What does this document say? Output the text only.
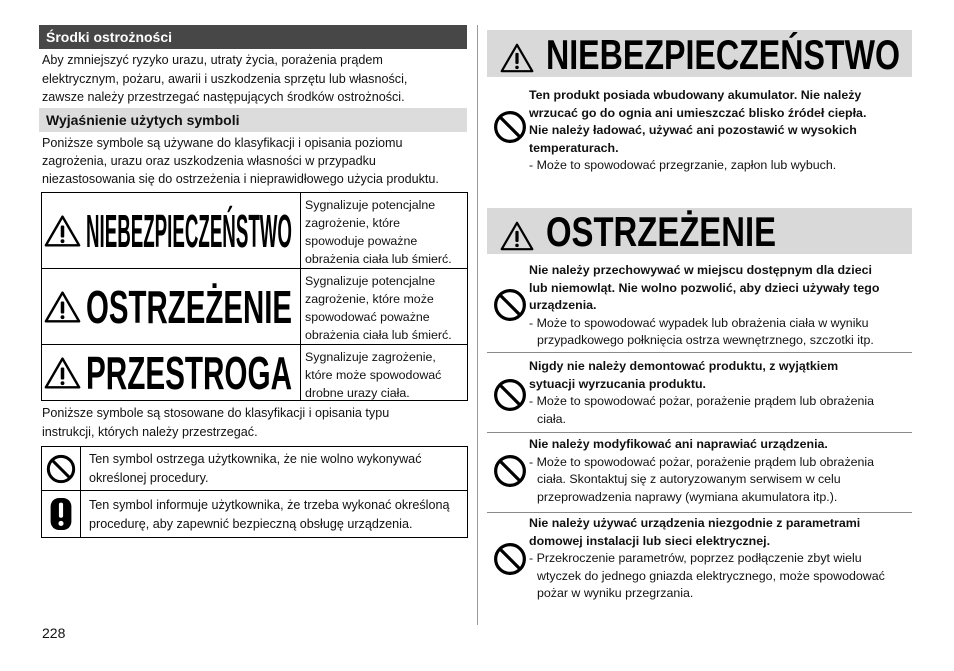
Środki ostrożności
Aby zmniejszyć ryzyko urazu, utraty życia, porażenia prądem
elektrycznym, pożaru, awarii i uszkodzenia sprzętu lub własności,
zawsze należy przestrzegać następujących środków ostrożności.
Wyjaśnienie użytych symboli
Poniższe symbole są używane do klasyfikacji i opisania poziomu
zagrożenia, urazu oraz uszkodzenia własności w przypadku
niezastosowania się do ostrzeżenia i nieprawidłowego użycia produktu.
NIEBEZPIECZEŃSTWO	Sygnalizuje potencjalne
zagrożenie, które
spowoduje poważne
obrażenia ciała lub śmierć.
OSTRZEŻENIE	Sygnalizuje potencjalne
zagrożenie, które może
spowodować poważne
obrażenia ciała lub śmierć.
PRZESTROGA	Sygnalizuje zagrożenie,
które może spowodować
drobne urazy ciała.
Poniższe symbole są stosowane do klasyfikacji i opisania typu
instrukcji, których należy przestrzegać.
Ten symbol ostrzega użytkownika, że nie wolno wykonywać
określonej procedury.
Ten symbol informuje użytkownika, że trzeba wykonać określoną
procedurę, aby zapewnić bezpieczną obsługę urządzenia.
228
NIEBEZPIECZEŃSTWO
Ten produkt posiada wbudowany akumulator. Nie należy
wrzucać go do ognia ani umieszczać blisko źródeł ciepła.
Nie należy ładować, używać ani pozostawić w wysokich
temperaturach.
- Może to spowodować przegrzanie, zapłon lub wybuch.
OSTRZEŻENIE
Nie należy przechowywać w miejscu dostępnym dla dzieci
lub niemowląt. Nie wolno pozwolić, aby dzieci używały tego
urządzenia.
- Może to spowodować wypadek lub obrażenia ciała w wyniku
przypadkowego połknięcia ostrza wewnętrznego, szczotki itp.
Nigdy nie należy demontować produktu, z wyjątkiem
sytuacji wyrzucania produktu.
- Może to spowodować pożar, porażenie prądem lub obrażenia
ciała.
Nie należy modyfikować ani naprawiać urządzenia.
- Może to spowodować pożar, porażenie prądem lub obrażenia
ciała. Skontaktuj się z autoryzowanym serwisem w celu
przeprowadzenia naprawy (wymiana akumulatora itp.).
Nie należy używać urządzenia niezgodnie z parametrami
domowej instalacji lub sieci elektrycznej.
- Przekroczenie parametrów, poprzez podłączenie zbyt wielu
wtyczek do jednego gniazda elektrycznego, może spowodować
pożar w wyniku przegrzania.
